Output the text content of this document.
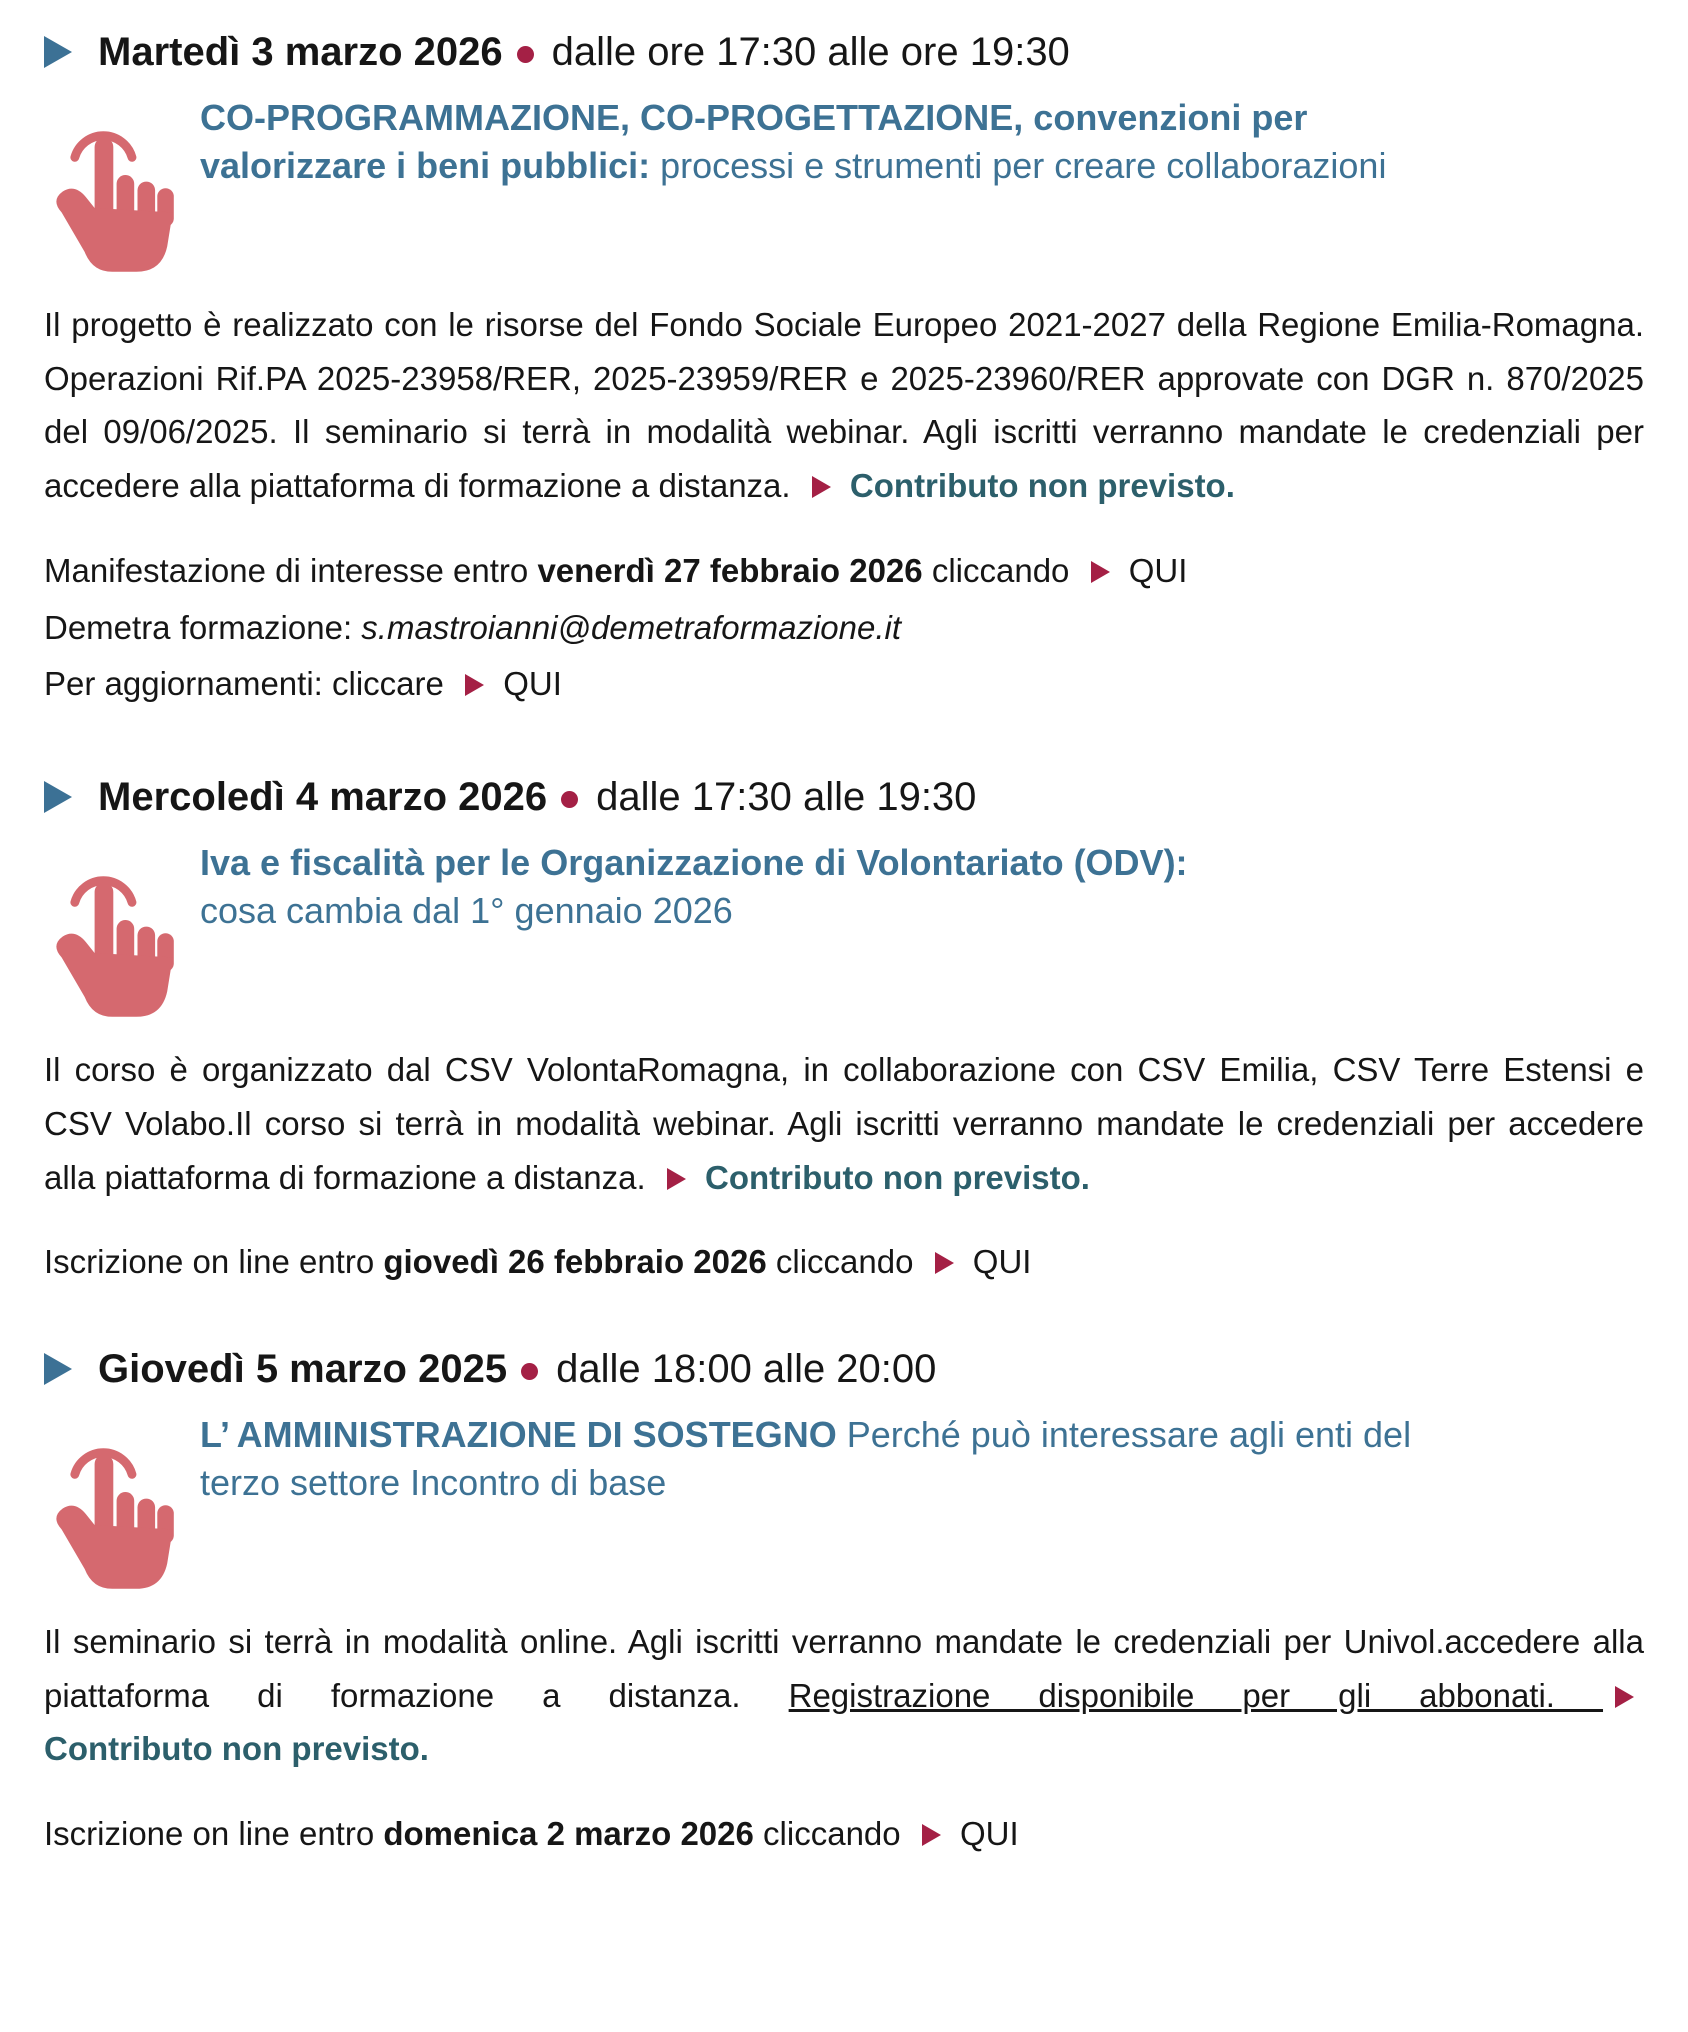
Martedì 3 marzo 2026 dalle ore 17:30 alle ore 19:30
CO-PROGRAMMAZIONE, CO-PROGETTAZIONE, convenzioni per valorizzare i beni pubblici: processi e strumenti per creare collaborazioni
Il progetto è realizzato con le risorse del Fondo Sociale Europeo 2021-2027 della Regione Emilia-Romagna. Operazioni Rif.PA 2025-23958/RER, 2025-23959/RER e 2025-23960/RER approvate con DGR n. 870/2025 del 09/06/2025. Il seminario si terrà in modalità webinar. Agli iscritti verranno mandate le credenziali per accedere alla piattaforma di formazione a distanza. Contributo non previsto.
Manifestazione di interesse entro venerdì 27 febbraio 2026 cliccando QUI
Demetra formazione: s.mastroianni@demetraformazione.it
Per aggiornamenti: cliccare QUI
Mercoledì 4 marzo 2026 dalle 17:30 alle 19:30
Iva e fiscalità per le Organizzazione di Volontariato (ODV):
cosa cambia dal 1° gennaio 2026
Il corso è organizzato dal CSV VolontaRomagna, in collaborazione con CSV Emilia, CSV Terre Estensi e CSV Volabo.Il corso si terrà in modalità webinar. Agli iscritti verranno mandate le credenziali per accedere alla piattaforma di formazione a distanza. Contributo non previsto.
Iscrizione on line entro giovedì 26 febbraio 2026 cliccando QUI
Giovedì 5 marzo 2025 dalle 18:00 alle 20:00
L’ AMMINISTRAZIONE DI SOSTEGNO Perché può interessare agli enti del terzo settore Incontro di base
Il seminario si terrà in modalità online. Agli iscritti verranno mandate le credenziali per Univol.accedere alla piattaforma di formazione a distanza. Registrazione disponibile per gli abbonati.  Contributo non previsto.
Iscrizione on line entro domenica 2 marzo 2026 cliccando QUI
